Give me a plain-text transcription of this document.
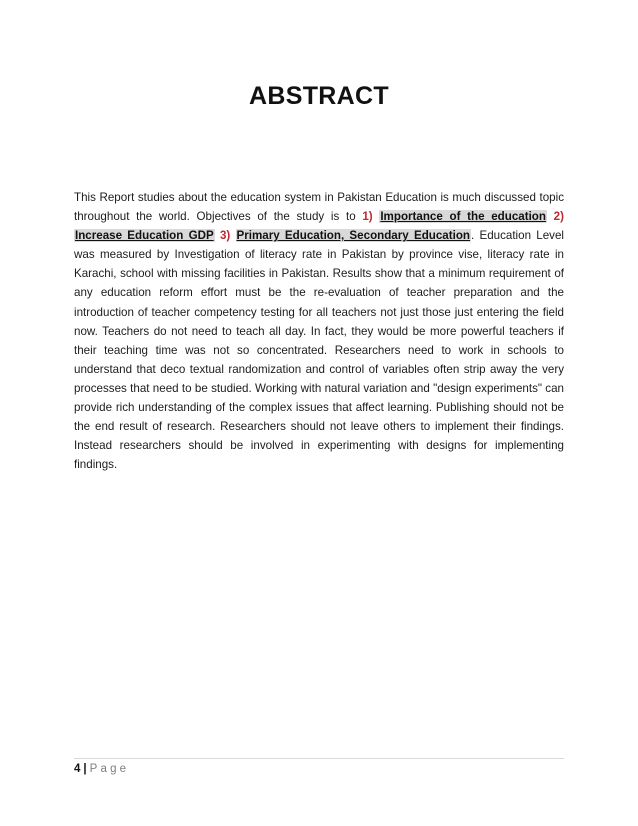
ABSTRACT
This Report studies about the education system in Pakistan Education is much discussed topic throughout the world. Objectives of the study is to 1) Importance of the education 2) Increase Education GDP 3) Primary Education, Secondary Education. Education Level was measured by Investigation of literacy rate in Pakistan by province vise, literacy rate in Karachi, school with missing facilities in Pakistan. Results show that a minimum requirement of any education reform effort must be the re-evaluation of teacher preparation and the introduction of teacher competency testing for all teachers not just those just entering the field now. Teachers do not need to teach all day. In fact, they would be more powerful teachers if their teaching time was not so concentrated. Researchers need to work in schools to understand that deco textual randomization and control of variables often strip away the very processes that need to be studied. Working with natural variation and "design experiments" can provide rich understanding of the complex issues that affect learning. Publishing should not be the end result of research. Researchers should not leave others to implement their findings. Instead researchers should be involved in experimenting with designs for implementing findings.
4 | Page
